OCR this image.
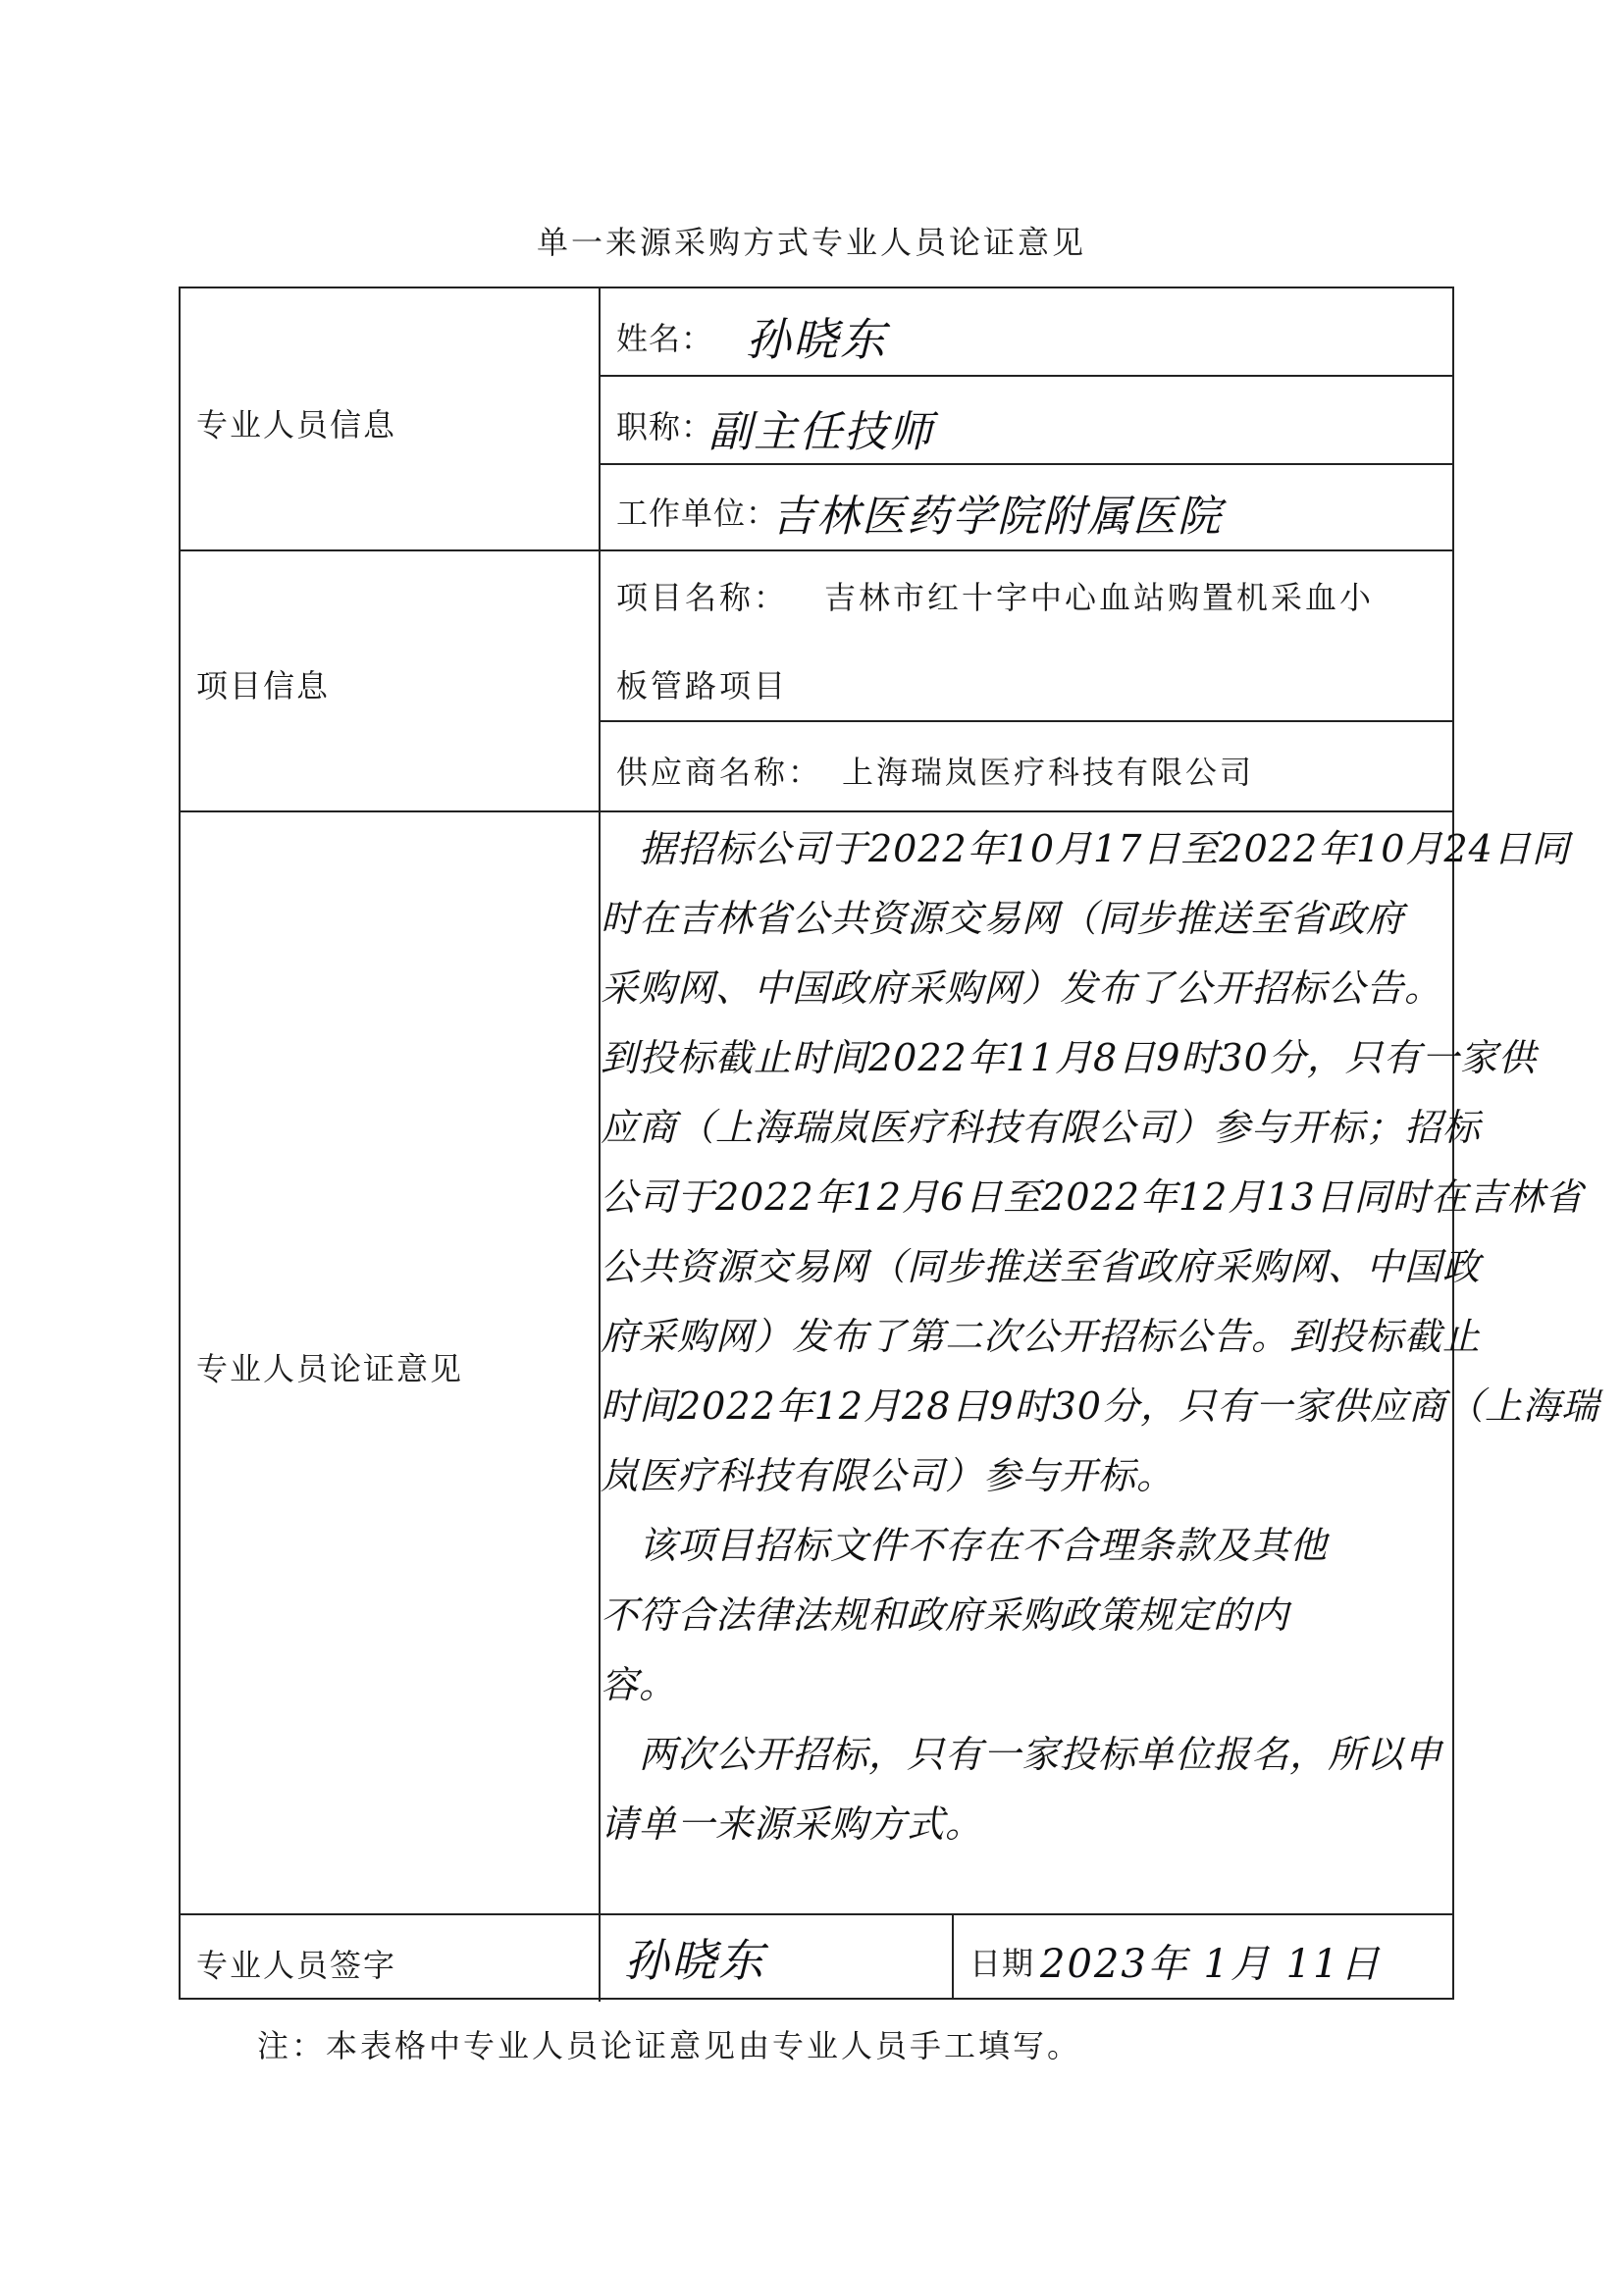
单一来源采购方式专业人员论证意见
专业人员信息
项目信息
专业人员论证意见
专业人员签字
姓名： 孙晓东
职称：
副主任技师
工作单位：
吉林医药学院附属医院
项目名称： 吉林市红十字中心血站购置机采血小
板管路项目
供应商名称： 上海瑞岚医疗科技有限公司
　据招标公司于2022年10月17日至2022年10月24日同
时在吉林省公共资源交易网（同步推送至省政府
采购网、中国政府采购网）发布了公开招标公告。
到投标截止时间2022年11月8日9时30分，只有一家供
应商（上海瑞岚医疗科技有限公司）参与开标；招标
公司于2022年12月6日至2022年12月13日同时在吉林省
公共资源交易网（同步推送至省政府采购网、中国政
府采购网）发布了第二次公开招标公告。到投标截止
时间2022年12月28日9时30分，只有一家供应商（上海瑞
岚医疗科技有限公司）参与开标。
　该项目招标文件不存在不合理条款及其他
不符合法律法规和政府采购政策规定的内
容。
　两次公开招标，只有一家投标单位报名，所以申
请单一来源采购方式。
孙晓东	日期 2023年 1月 11日
注：本表格中专业人员论证意见由专业人员手工填写。
